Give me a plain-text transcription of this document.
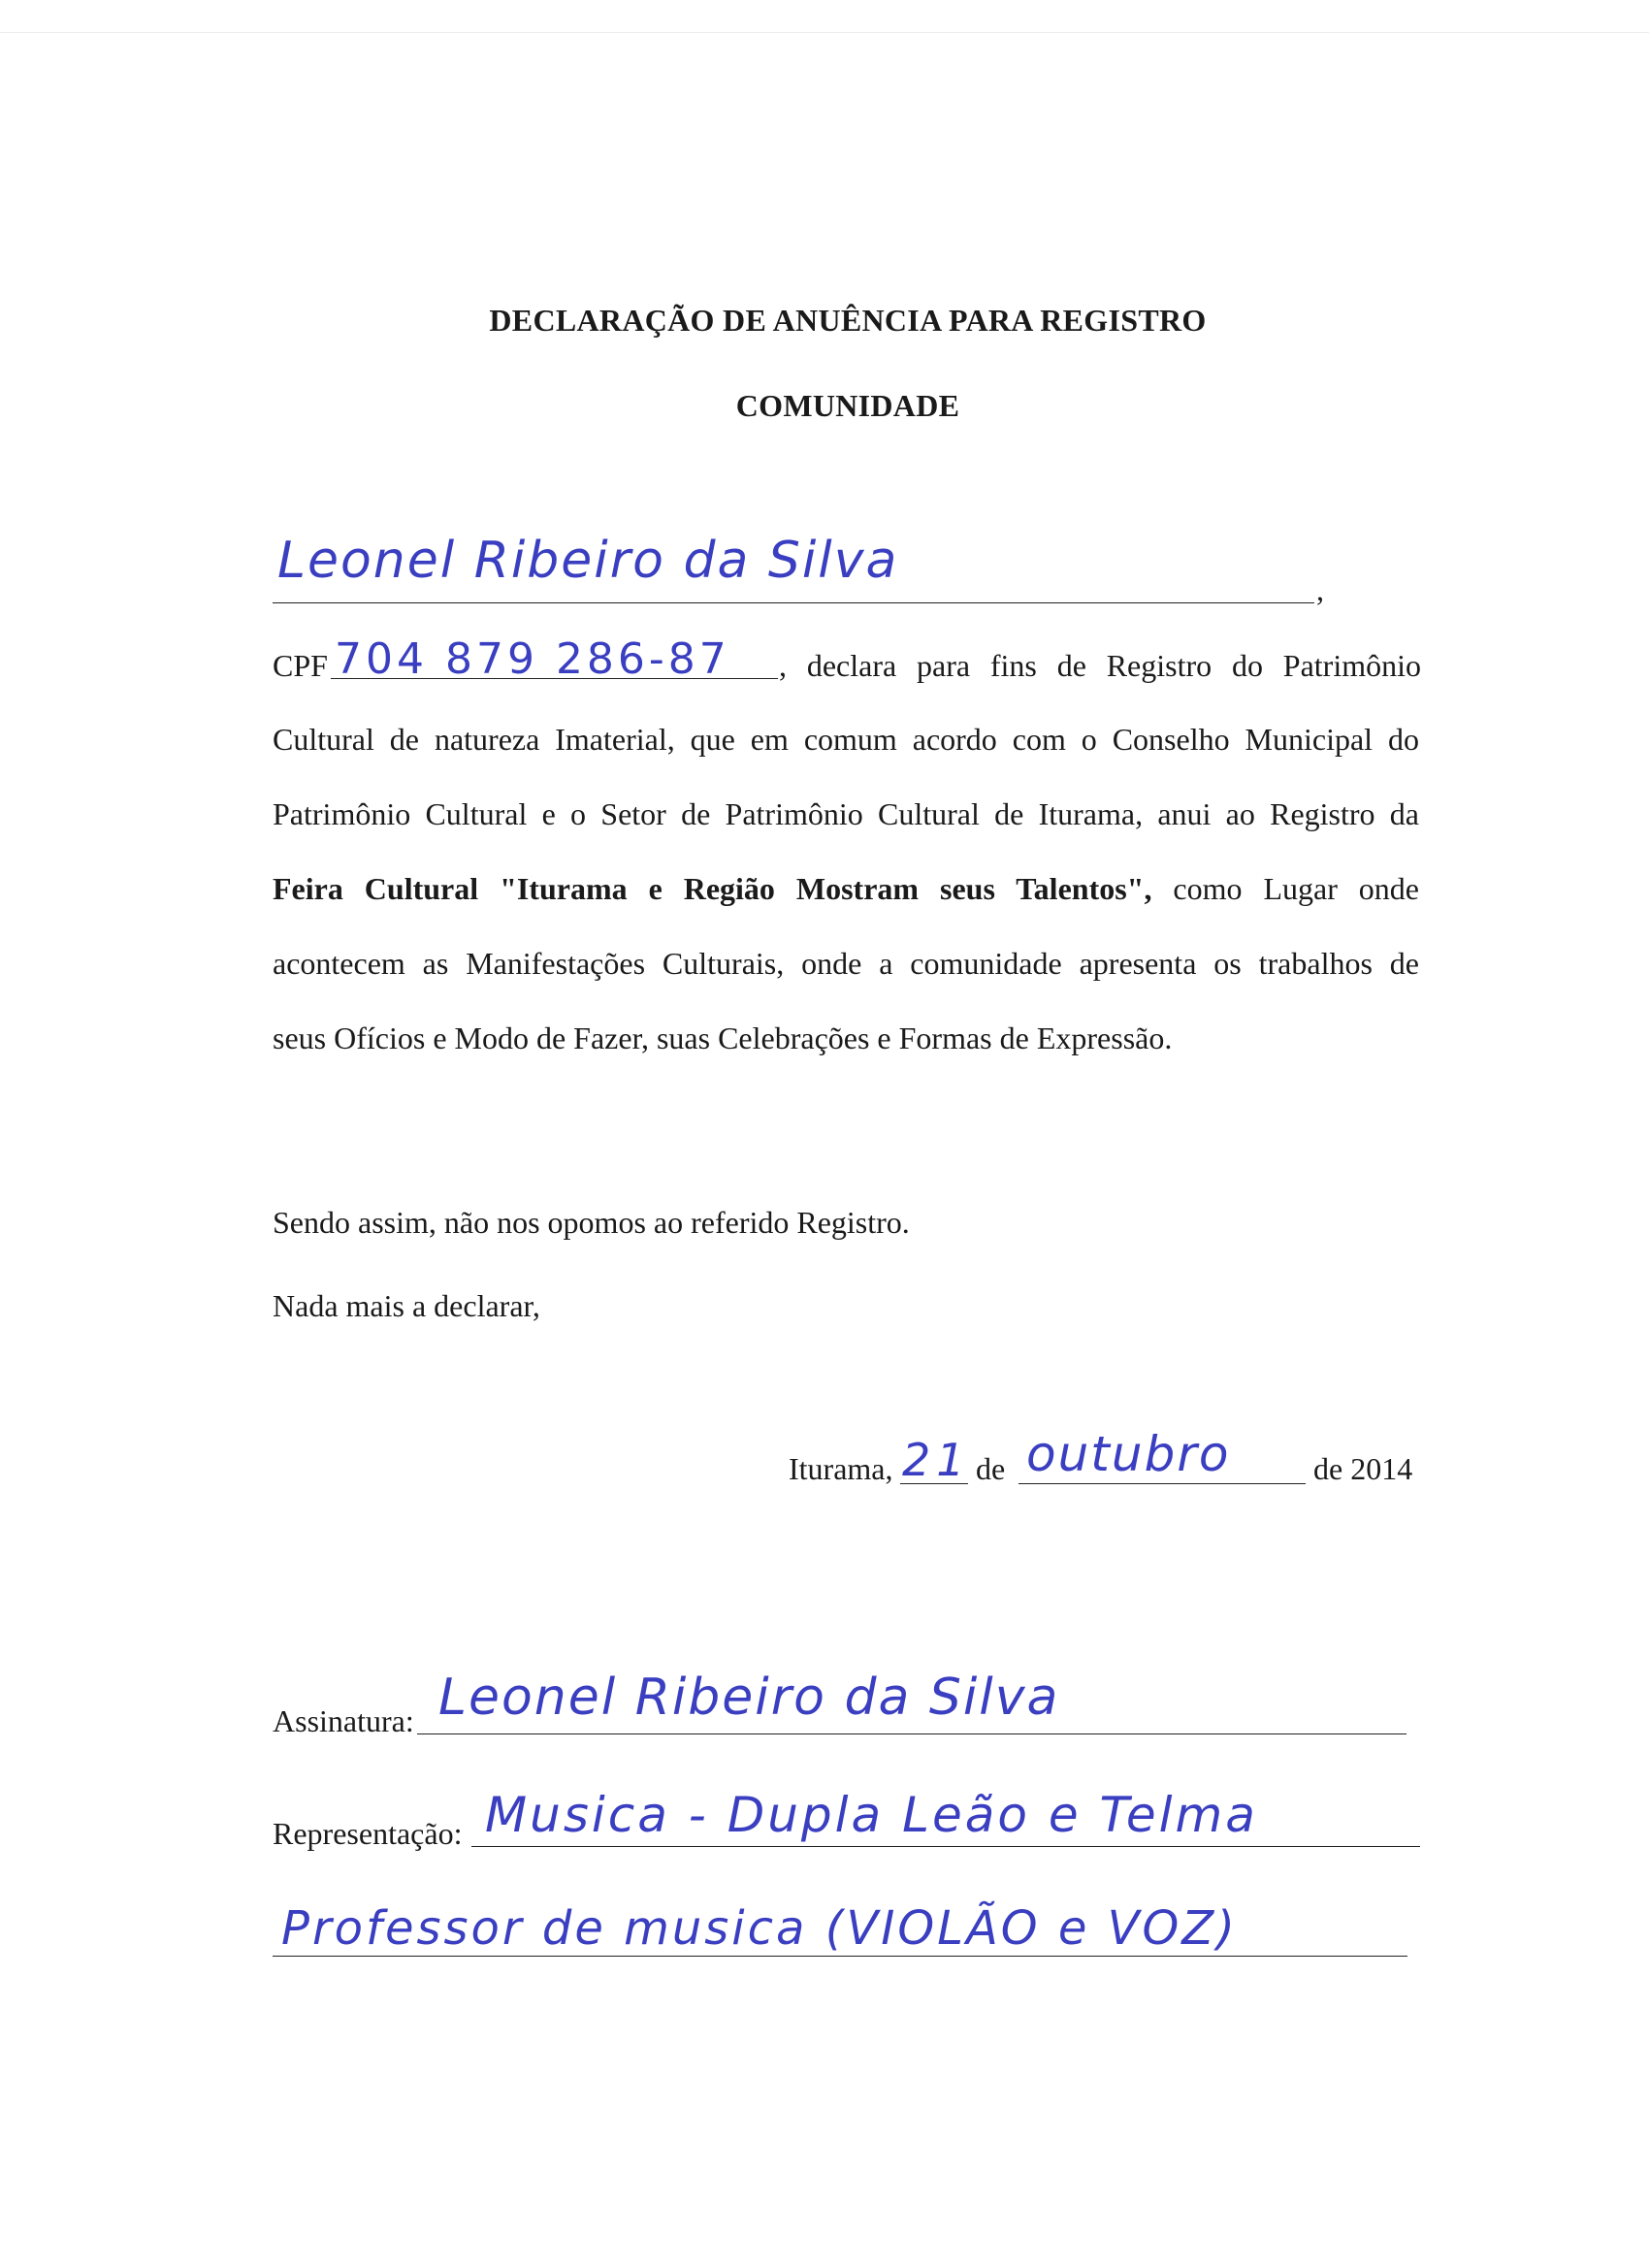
DECLARAÇÃO DE ANUÊNCIA PARA REGISTRO
COMUNIDADE
Leonel Ribeiro da Silva	,
CPF 704 879 286-87 , declara para fins de Registro do Patrimônio
Cultural de natureza Imaterial, que em comum acordo com o Conselho Municipal do
Patrimônio Cultural e o Setor de Patrimônio Cultural de Iturama, anui ao Registro da
Feira Cultural "Iturama e Região Mostram seus Talentos", como Lugar onde
acontecem as Manifestações Culturais, onde a comunidade apresenta os trabalhos de
seus Ofícios e Modo de Fazer, suas Celebrações e Formas de Expressão.
Sendo assim, não nos opomos ao referido Registro.
Nada mais a declarar,
Iturama, 21 de outubro	de 2014
Assinatura: Leonel Ribeiro da Silva
Representação: Musica - Dupla Leão e Telma
Professor de musica (VIOLÃO e VOZ)
